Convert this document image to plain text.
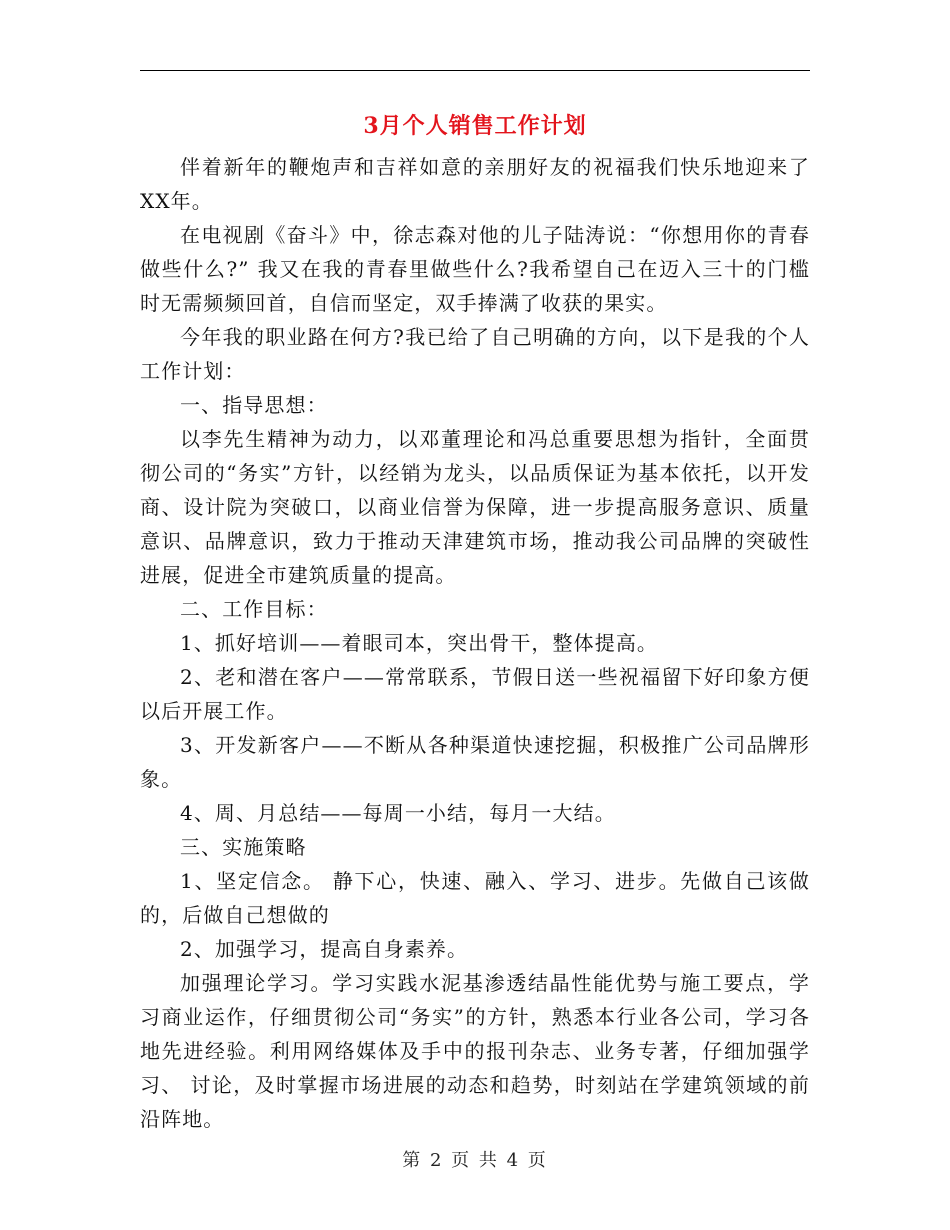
3月个人销售工作计划

伴着新年的鞭炮声和吉祥如意的亲朋好友的祝福我们快乐地迎来了XX年。

在电视剧《奋斗》中，徐志森对他的儿子陆涛说：“你想用你的青春做些什么?” 我又在我的青春里做些什么?我希望自己在迈入三十的门槛时无需频频回首，自信而坚定，双手捧满了收获的果实。

今年我的职业路在何方?我已给了自己明确的方向，以下是我的个人工作计划：

一、指导思想：

以李先生精神为动力，以邓董理论和冯总重要思想为指针，全面贯彻公司的“务实”方针，以经销为龙头，以品质保证为基本依托，以开发商、设计院为突破口，以商业信誉为保障，进一步提高服务意识、质量意识、品牌意识，致力于推动天津建筑市场，推动我公司品牌的突破性进展，促进全市建筑质量的提高。

二、工作目标：

1、抓好培训——着眼司本，突出骨干，整体提高。

2、老和潜在客户——常常联系，节假日送一些祝福留下好印象方便以后开展工作。

3、开发新客户——不断从各种渠道快速挖掘，积极推广公司品牌形象。

4、周、月总结——每周一小结，每月一大结。

三、实施策略

1、坚定信念。 静下心，快速、融入、学习、进步。先做自己该做的，后做自己想做的

2、加强学习，提高自身素养。

加强理论学习。学习实践水泥基渗透结晶性能优势与施工要点，学习商业运作，仔细贯彻公司“务实”的方针，熟悉本行业各公司，学习各地先进经验。利用网络媒体及手中的报刊杂志、业务专著，仔细加强学习、 讨论，及时掌握市场进展的动态和趋势，时刻站在学建筑领域的前沿阵地。

第 2 页 共 4 页
